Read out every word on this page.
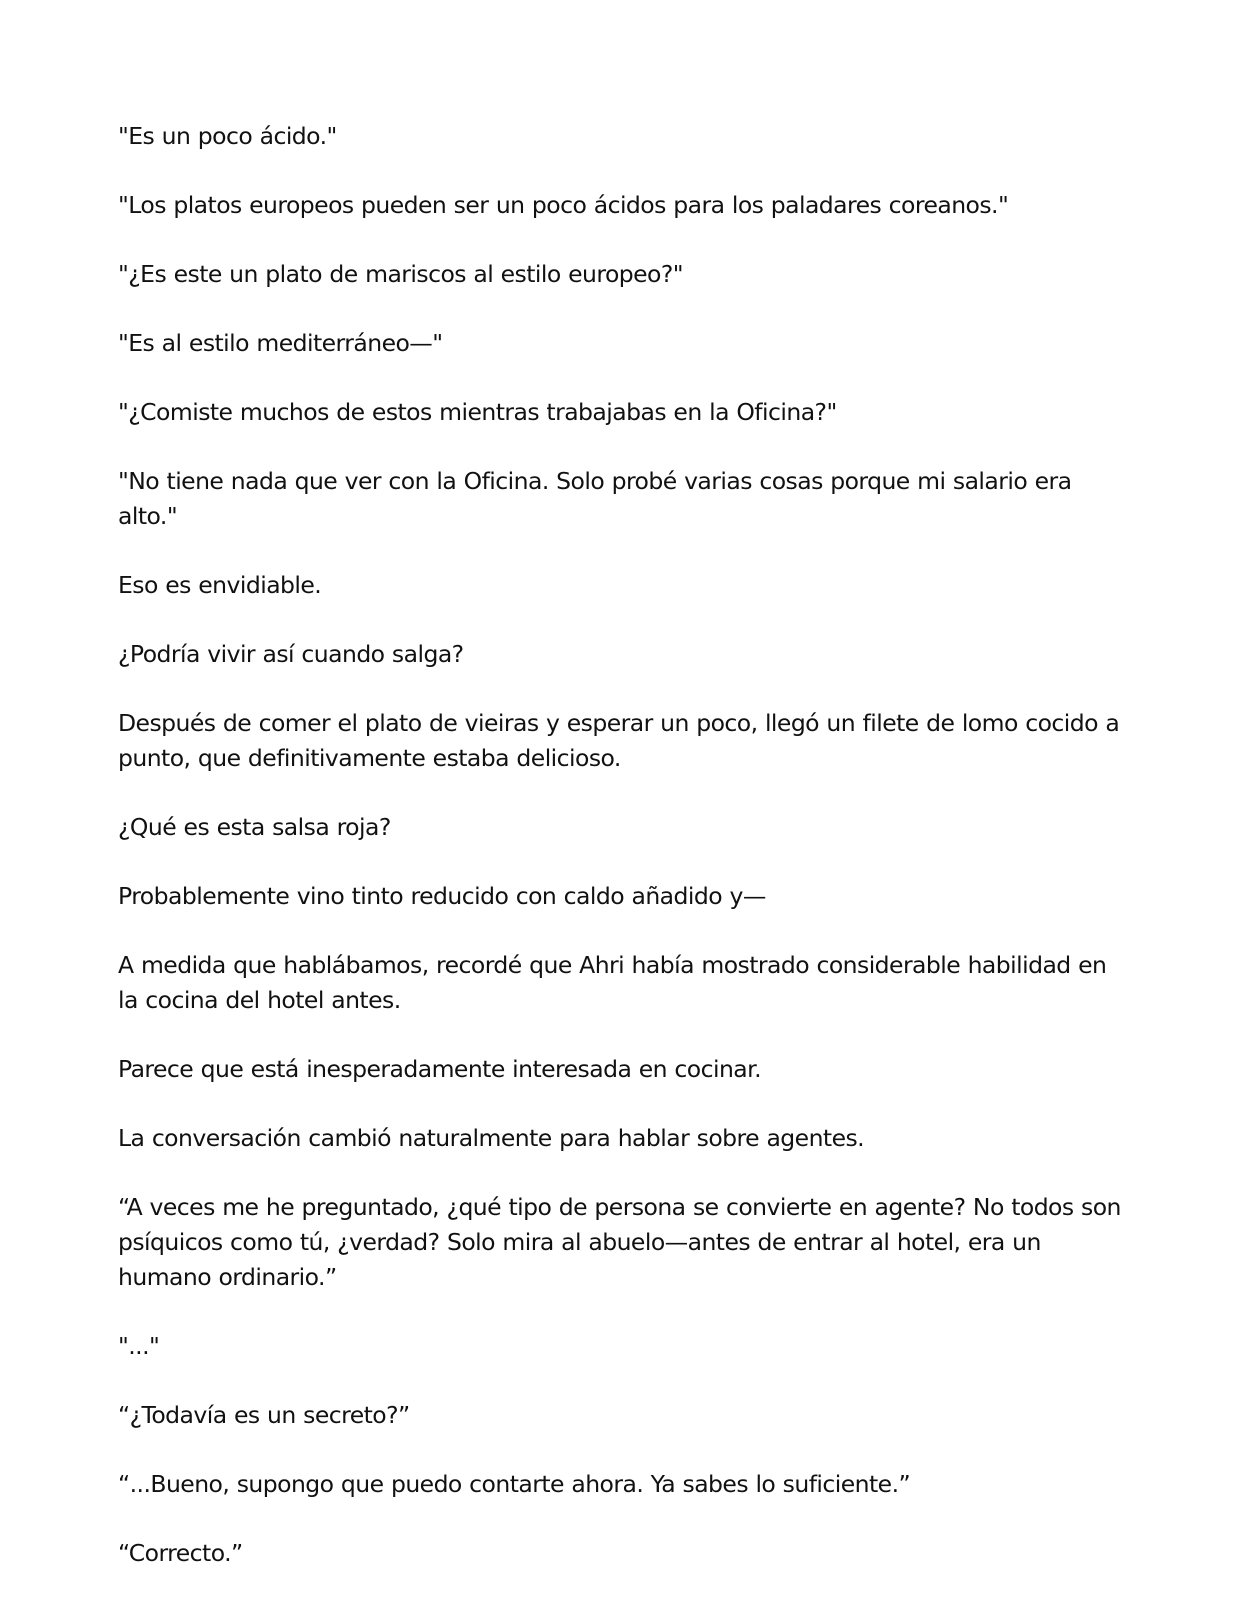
"Es un poco ácido."

"Los platos europeos pueden ser un poco ácidos para los paladares coreanos."

"¿Es este un plato de mariscos al estilo europeo?"

"Es al estilo mediterráneo—"

"¿Comiste muchos de estos mientras trabajabas en la Oficina?"

"No tiene nada que ver con la Oficina. Solo probé varias cosas porque mi salario era alto."

Eso es envidiable.

¿Podría vivir así cuando salga?

Después de comer el plato de vieiras y esperar un poco, llegó un filete de lomo cocido a punto, que definitivamente estaba delicioso.

¿Qué es esta salsa roja?

Probablemente vino tinto reducido con caldo añadido y—

A medida que hablábamos, recordé que Ahri había mostrado considerable habilidad en la cocina del hotel antes.

Parece que está inesperadamente interesada en cocinar.

La conversación cambió naturalmente para hablar sobre agentes.

“A veces me he preguntado, ¿qué tipo de persona se convierte en agente? No todos son psíquicos como tú, ¿verdad? Solo mira al abuelo—antes de entrar al hotel, era un humano ordinario.”

"..."

“¿Todavía es un secreto?”

“...Bueno, supongo que puedo contarte ahora. Ya sabes lo suficiente.”

“Correcto.”
